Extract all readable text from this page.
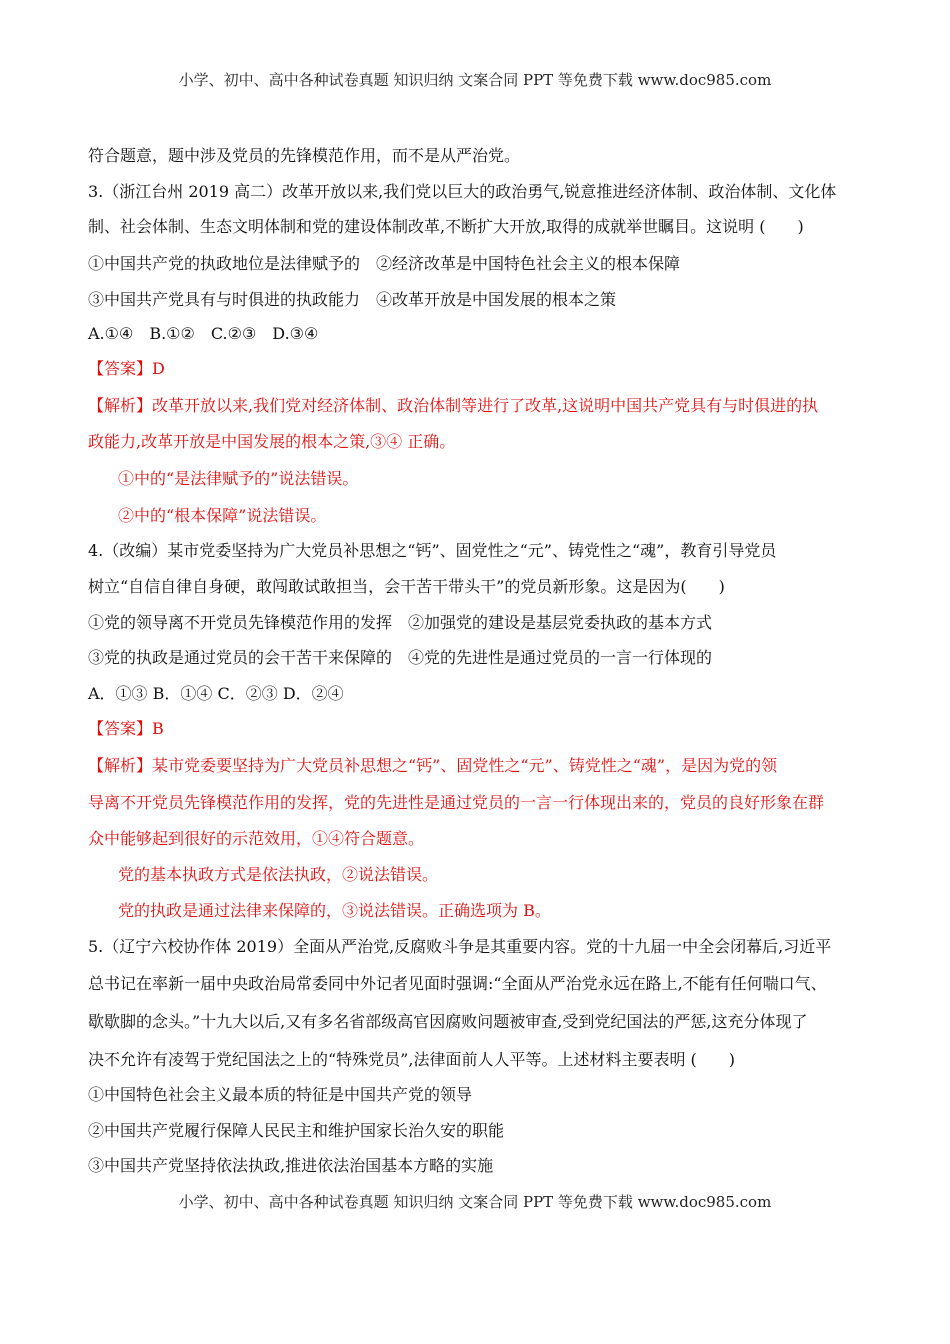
小学、初中、高中各种试卷真题 知识归纳 文案合同 PPT 等免费下载 www.doc985.com
符合题意，题中涉及党员的先锋模范作用，而不是从严治党。
3.（浙江台州 2019 高二）改革开放以来,我们党以巨大的政治勇气,锐意推进经济体制、政治体制、文化体
制、社会体制、生态文明体制和党的建设体制改革,不断扩大开放,取得的成就举世瞩目。这说明 (　　)
①中国共产党的执政地位是法律赋予的　②经济改革是中国特色社会主义的根本保障
③中国共产党具有与时俱进的执政能力　④改革开放是中国发展的根本之策
A.①④　B.①②　C.②③　D.③④
【答案】D
【解析】改革开放以来,我们党对经济体制、政治体制等进行了改革,这说明中国共产党具有与时俱进的执
政能力,改革开放是中国发展的根本之策,③④ 正确。
①中的“是法律赋予的”说法错误。
②中的“根本保障”说法错误。
4.（改编）某市党委坚持为广大党员补思想之“钙”、固党性之“元”、铸党性之“魂”，教育引导党员
树立“自信自律自身硬，敢闯敢试敢担当，会干苦干带头干”的党员新形象。这是因为(　　)
①党的领导离不开党员先锋模范作用的发挥　②加强党的建设是基层党委执政的基本方式
③党的执政是通过党员的会干苦干来保障的　④党的先进性是通过党员的一言一行体现的
A．①③ B．①④ C．②③ D．②④
【答案】B
【解析】某市党委要坚持为广大党员补思想之“钙”、固党性之“元”、铸党性之“魂”，是因为党的领
导离不开党员先锋模范作用的发挥，党的先进性是通过党员的一言一行体现出来的，党员的良好形象在群
众中能够起到很好的示范效用，①④符合题意。
党的基本执政方式是依法执政，②说法错误。
党的执政是通过法律来保障的，③说法错误。正确选项为 B。
5.（辽宁六校协作体 2019）全面从严治党,反腐败斗争是其重要内容。党的十九届一中全会闭幕后,习近平
总书记在率新一届中央政治局常委同中外记者见面时强调:“全面从严治党永远在路上,不能有任何喘口气、
歇歇脚的念头。”十九大以后,又有多名省部级高官因腐败问题被审查,受到党纪国法的严惩,这充分体现了
决不允许有凌驾于党纪国法之上的“特殊党员”,法律面前人人平等。上述材料主要表明 (　　)
①中国特色社会主义最本质的特征是中国共产党的领导
②中国共产党履行保障人民民主和维护国家长治久安的职能
③中国共产党坚持依法执政,推进依法治国基本方略的实施
小学、初中、高中各种试卷真题 知识归纳 文案合同 PPT 等免费下载 www.doc985.com
